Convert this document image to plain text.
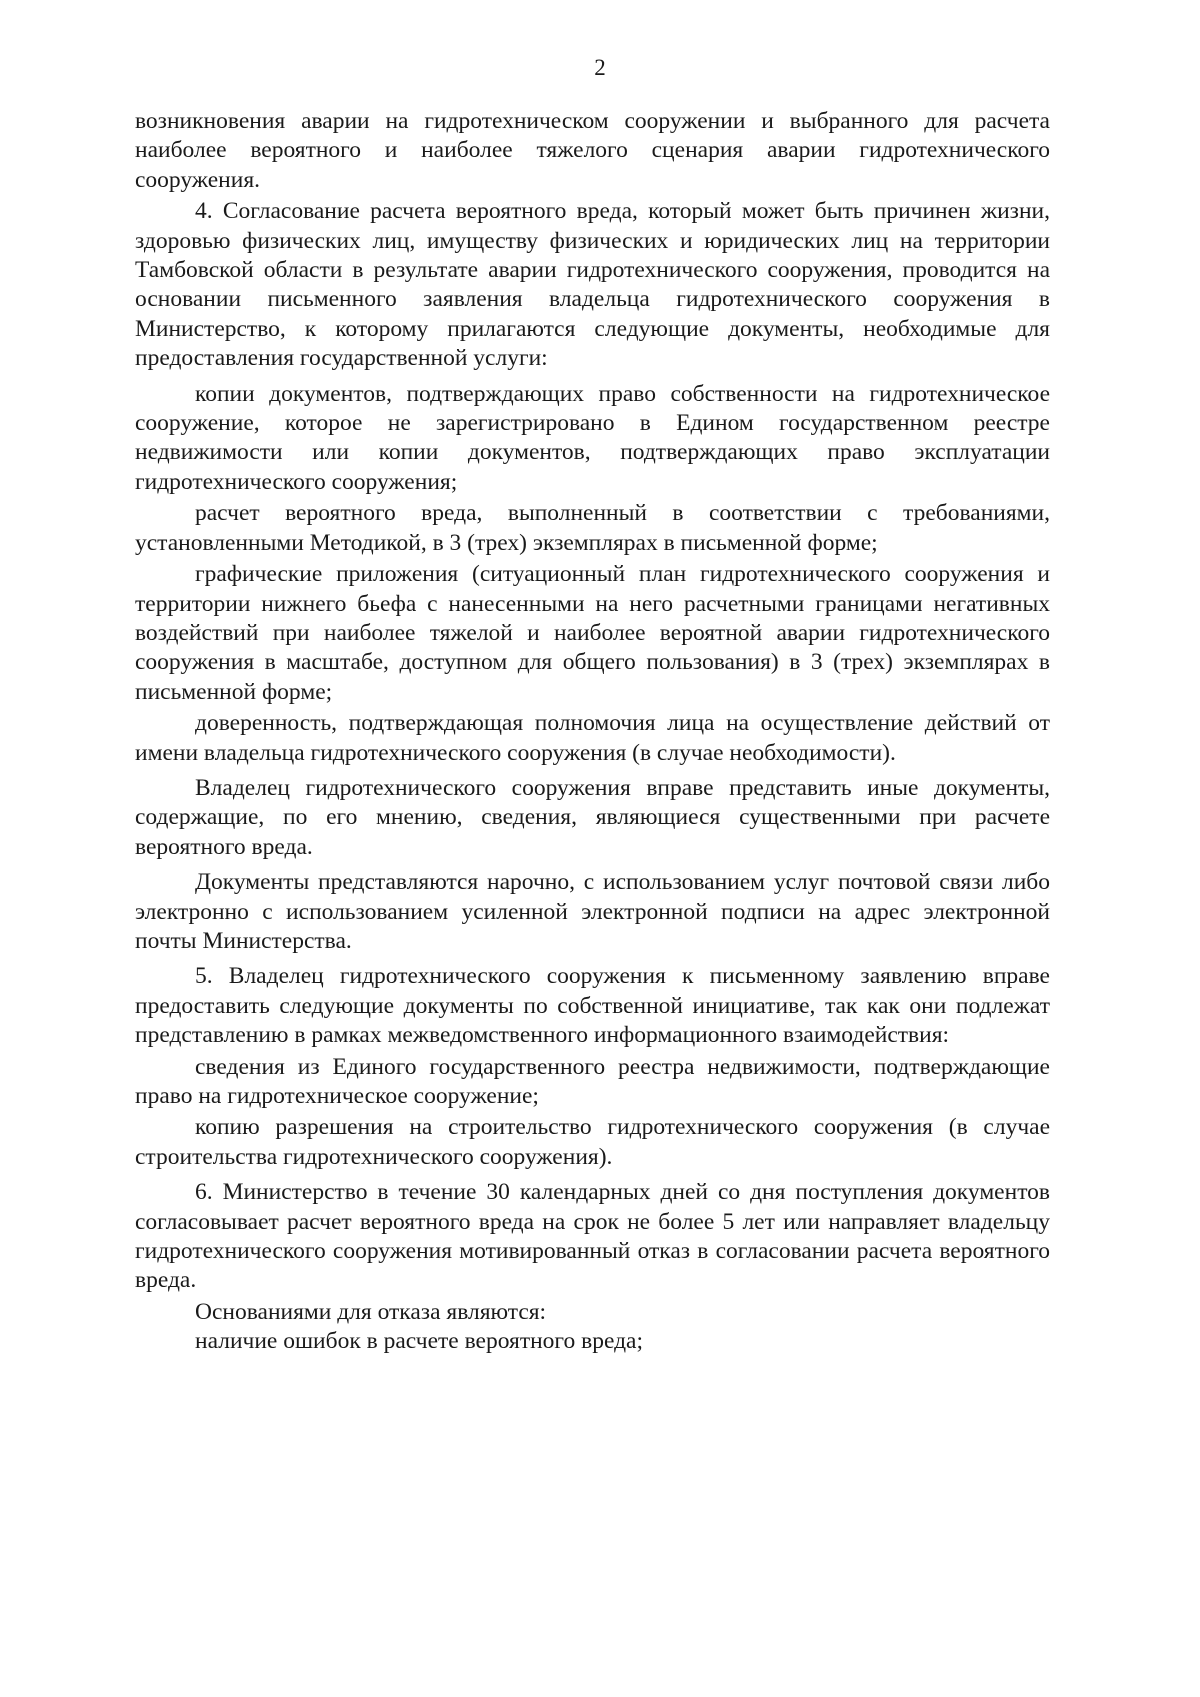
2

возникновения аварии на гидротехническом сооружении и выбранного для расчета наиболее вероятного и наиболее тяжелого сценария аварии гидротехнического сооружения.

4. Согласование расчета вероятного вреда, который может быть причинен жизни, здоровью физических лиц, имуществу физических и юридических лиц на территории Тамбовской области в результате аварии гидротехнического сооружения, проводится на основании письменного заявления владельца гидротехнического сооружения в Министерство, к которому прилагаются следующие документы, необходимые для предоставления государственной услуги:

копии документов, подтверждающих право собственности на гидротехническое сооружение, которое не зарегистрировано в Едином государственном реестре недвижимости или копии документов, подтверждающих право эксплуатации гидротехнического сооружения;

расчет вероятного вреда, выполненный в соответствии с требованиями, установленными Методикой, в 3 (трех) экземплярах в письменной форме;

графические приложения (ситуационный план гидротехнического сооружения и территории нижнего бьефа с нанесенными на него расчетными границами негативных воздействий при наиболее тяжелой и наиболее вероятной аварии гидротехнического сооружения в масштабе, доступном для общего пользования) в 3 (трех) экземплярах в письменной форме;

доверенность, подтверждающая полномочия лица на осуществление действий от имени владельца гидротехнического сооружения (в случае необходимости).

Владелец гидротехнического сооружения вправе представить иные документы, содержащие, по его мнению, сведения, являющиеся существенными при расчете вероятного вреда.

Документы представляются нарочно, с использованием услуг почтовой связи либо электронно с использованием усиленной электронной подписи на адрес электронной почты Министерства.

5. Владелец гидротехнического сооружения к письменному заявлению вправе предоставить следующие документы по собственной инициативе, так как они подлежат представлению в рамках межведомственного информационного взаимодействия:

сведения из Единого государственного реестра недвижимости, подтверждающие право на гидротехническое сооружение;

копию разрешения на строительство гидротехнического сооружения (в случае строительства гидротехнического сооружения).

6. Министерство в течение 30 календарных дней со дня поступления документов согласовывает расчет вероятного вреда на срок не более 5 лет или направляет владельцу гидротехнического сооружения мотивированный отказ в согласовании расчета вероятного вреда.

Основаниями для отказа являются:

наличие ошибок в расчете вероятного вреда;
